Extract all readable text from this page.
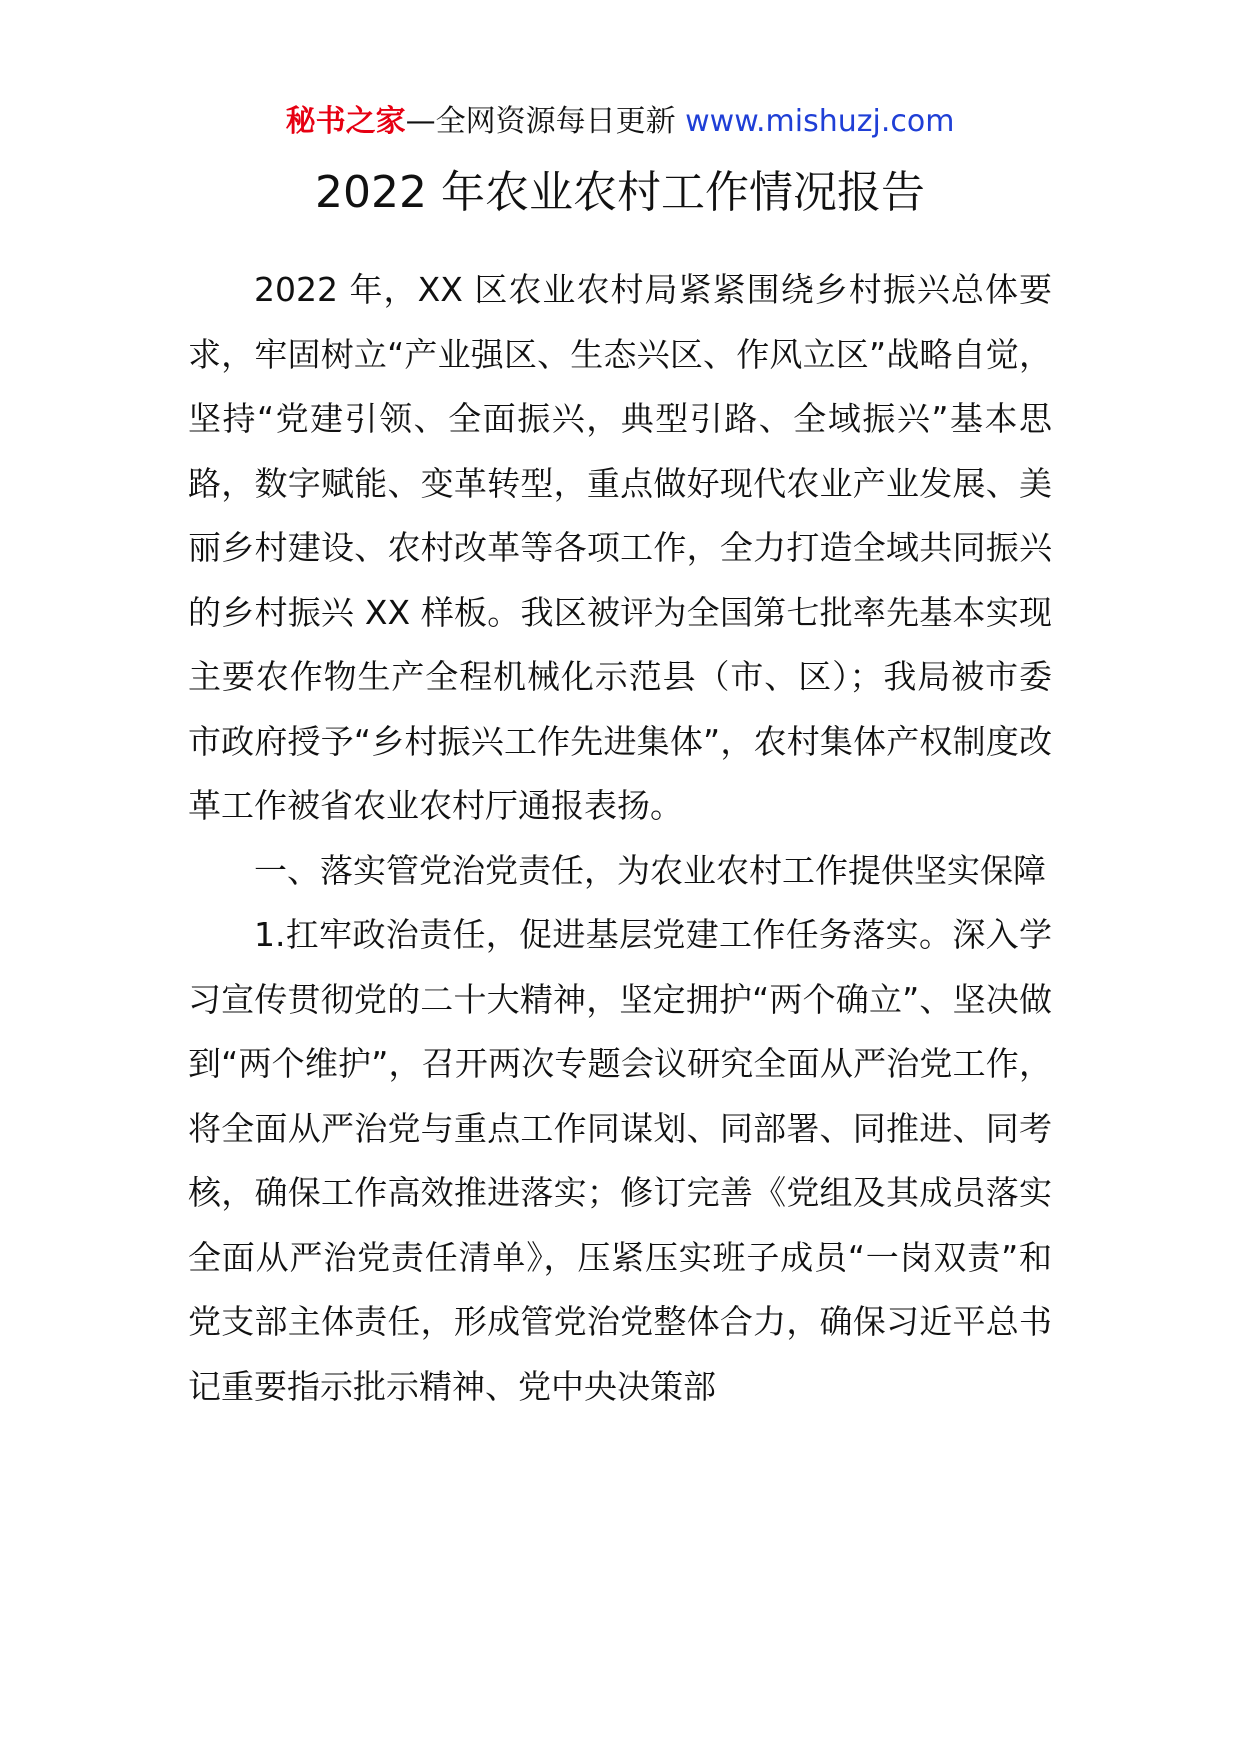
秘书之家—全网资源每日更新 www.mishuzj.com
2022 年农业农村工作情况报告

2022 年，XX 区农业农村局紧紧围绕乡村振兴总体要求，牢固树立“产业强区、生态兴区、作风立区”战略自觉，坚持“党建引领、全面振兴，典型引路、全域振兴”基本思路，数字赋能、变革转型，重点做好现代农业产业发展、美丽乡村建设、农村改革等各项工作，全力打造全域共同振兴的乡村振兴 XX 样板。我区被评为全国第七批率先基本实现主要农作物生产全程机械化示范县（市、区）；我局被市委市政府授予“乡村振兴工作先进集体”，农村集体产权制度改革工作被省农业农村厅通报表扬。

一、落实管党治党责任，为农业农村工作提供坚实保障

1.扛牢政治责任，促进基层党建工作任务落实。深入学习宣传贯彻党的二十大精神，坚定拥护“两个确立”、坚决做到“两个维护”，召开两次专题会议研究全面从严治党工作，将全面从严治党与重点工作同谋划、同部署、同推进、同考核，确保工作高效推进落实；修订完善《党组及其成员落实全面从严治党责任清单》，压紧压实班子成员“一岗双责”和党支部主体责任，形成管党治党整体合力，确保习近平总书记重要指示批示精神、党中央决策部
